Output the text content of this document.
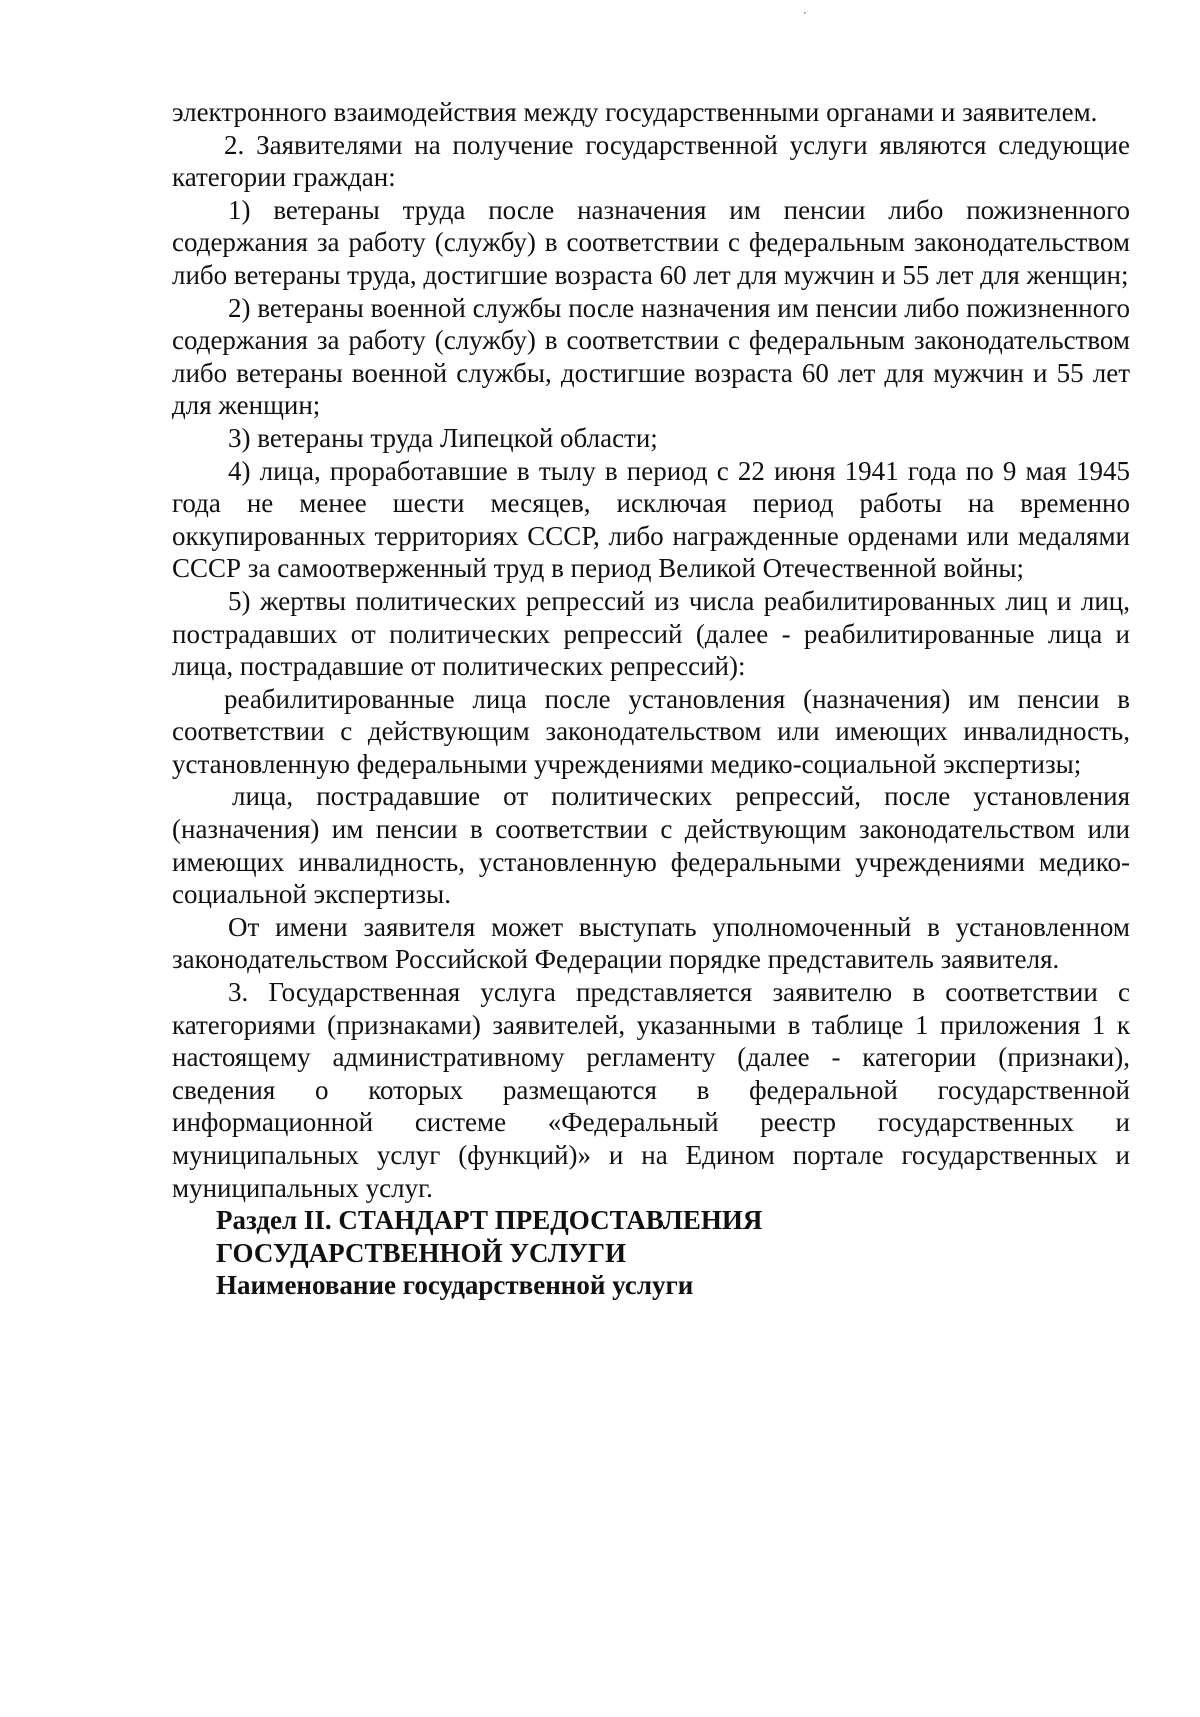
электронного взаимодействия между государственными органами и заявителем.

2. Заявителями на получение государственной услуги являются следующие категории граждан:

1) ветераны труда после назначения им пенсии либо пожизненного содержания за работу (службу) в соответствии с федеральным законодательством либо ветераны труда, достигшие возраста 60 лет для мужчин и 55 лет для женщин;

2) ветераны военной службы после назначения им пенсии либо пожизненного содержания за работу (службу) в соответствии с федеральным законодательством либо ветераны военной службы, достигшие возраста 60 лет для мужчин и 55 лет для женщин;

3) ветераны труда Липецкой области;

4) лица, проработавшие в тылу в период с 22 июня 1941 года по 9 мая 1945 года не менее шести месяцев, исключая период работы на временно оккупированных территориях СССР, либо награжденные орденами или медалями СССР за самоотверженный труд в период Великой Отечественной войны;

5) жертвы политических репрессий из числа реабилитированных лиц и лиц, пострадавших от политических репрессий (далее - реабилитированные лица и лица, пострадавшие от политических репрессий):

реабилитированные лица после установления (назначения) им пенсии в соответствии с действующим законодательством или имеющих инвалидность, установленную федеральными учреждениями медико-социальной экспертизы;

лица, пострадавшие от политических репрессий, после установления (назначения) им пенсии в соответствии с действующим законодательством или имеющих инвалидность, установленную федеральными учреждениями медико-социальной экспертизы.

От имени заявителя может выступать уполномоченный в установленном законодательством Российской Федерации порядке представитель заявителя.

3. Государственная услуга представляется заявителю в соответствии с категориями (признаками) заявителей, указанными в таблице 1 приложения 1 к настоящему административному регламенту (далее - категории (признаки), сведения о которых размещаются в федеральной государственной информационной системе «Федеральный реестр государственных и муниципальных услуг (функций)» и на Едином портале государственных и муниципальных услуг.

Раздел II. СТАНДАРТ ПРЕДОСТАВЛЕНИЯ

ГОСУДАРСТВЕННОЙ УСЛУГИ

Наименование государственной услуги
